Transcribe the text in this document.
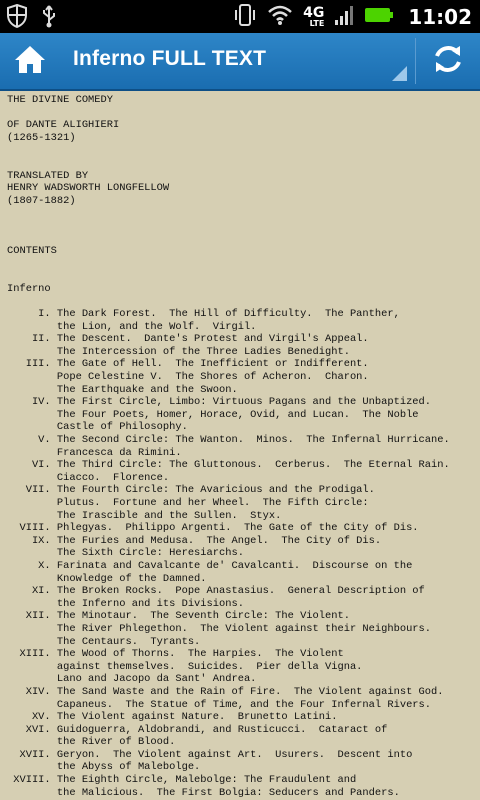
4G
LTE	11:02
Inferno FULL TEXT
THE DIVINE COMEDY

OF DANTE ALIGHIERI
(1265-1321)

TRANSLATED BY
HENRY WADSWORTH LONGFELLOW
(1807-1882)

CONTENTS

Inferno

I. The Dark Forest.  The Hill of Difficulty.  The Panther,
the Lion, and the Wolf.  Virgil.
II. The Descent.  Dante's Protest and Virgil's Appeal.
The Intercession of the Three Ladies Benedight.
III. The Gate of Hell.  The Inefficient or Indifferent.
Pope Celestine V.  The Shores of Acheron.  Charon.
The Earthquake and the Swoon.
IV. The First Circle, Limbo: Virtuous Pagans and the Unbaptized.
The Four Poets, Homer, Horace, Ovid, and Lucan.  The Noble
Castle of Philosophy.
V. The Second Circle: The Wanton.  Minos.  The Infernal Hurricane.
Francesca da Rimini.
VI. The Third Circle: The Gluttonous.  Cerberus.  The Eternal Rain.
Ciacco.  Florence.
VII. The Fourth Circle: The Avaricious and the Prodigal.
Plutus.  Fortune and her Wheel.  The Fifth Circle:
The Irascible and the Sullen.  Styx.
VIII. Phlegyas.  Philippo Argenti.  The Gate of the City of Dis.
IX. The Furies and Medusa.  The Angel.  The City of Dis.
The Sixth Circle: Heresiarchs.
X. Farinata and Cavalcante de' Cavalcanti.  Discourse on the
Knowledge of the Damned.
XI. The Broken Rocks.  Pope Anastasius.  General Description of
the Inferno and its Divisions.
XII. The Minotaur.  The Seventh Circle: The Violent.
The River Phlegethon.  The Violent against their Neighbours.
The Centaurs.  Tyrants.
XIII. The Wood of Thorns.  The Harpies.  The Violent
against themselves.  Suicides.  Pier della Vigna.
Lano and Jacopo da Sant' Andrea.
XIV. The Sand Waste and the Rain of Fire.  The Violent against God.
Capaneus.  The Statue of Time, and the Four Infernal Rivers.
XV. The Violent against Nature.  Brunetto Latini.
XVI. Guidoguerra, Aldobrandi, and Rusticucci.  Cataract of
the River of Blood.
XVII. Geryon.  The Violent against Art.  Usurers.  Descent into
the Abyss of Malebolge.
XVIII. The Eighth Circle, Malebolge: The Fraudulent and
the Malicious.  The First Bolgia: Seducers and Panders.
